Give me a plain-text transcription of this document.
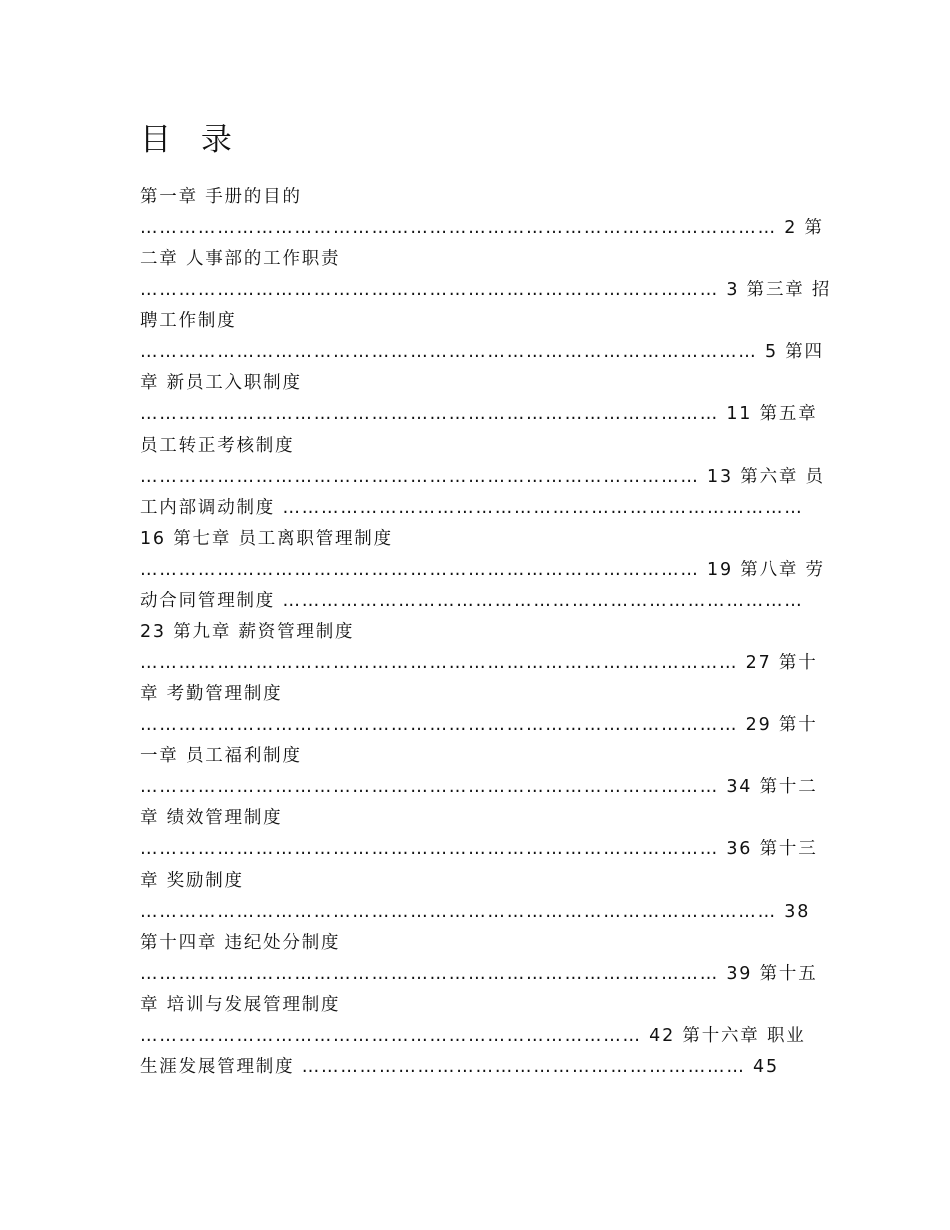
目 录
第一章 手册的目的
……………………………………………………………………………………… 2 第
二章 人事部的工作职责
……………………………………………………………………………… 3 第三章 招
聘工作制度
…………………………………………………………………………………… 5 第四
章 新员工入职制度
……………………………………………………………………………… 11 第五章
员工转正考核制度
…………………………………………………………………………… 13 第六章 员
工内部调动制度 ………………………………………………………………………
16 第七章 员工离职管理制度
…………………………………………………………………………… 19 第八章 劳
动合同管理制度 ………………………………………………………………………
23 第九章 薪资管理制度
………………………………………………………………………………… 27 第十
章 考勤管理制度
………………………………………………………………………………… 29 第十
一章 员工福利制度
……………………………………………………………………………… 34 第十二
章 绩效管理制度
……………………………………………………………………………… 36 第十三
章 奖励制度
……………………………………………………………………………………… 38
第十四章 违纪处分制度
……………………………………………………………………………… 39 第十五
章 培训与发展管理制度
…………………………………………………………………… 42 第十六章 职业
生涯发展管理制度 …………………………………………………………… 45
